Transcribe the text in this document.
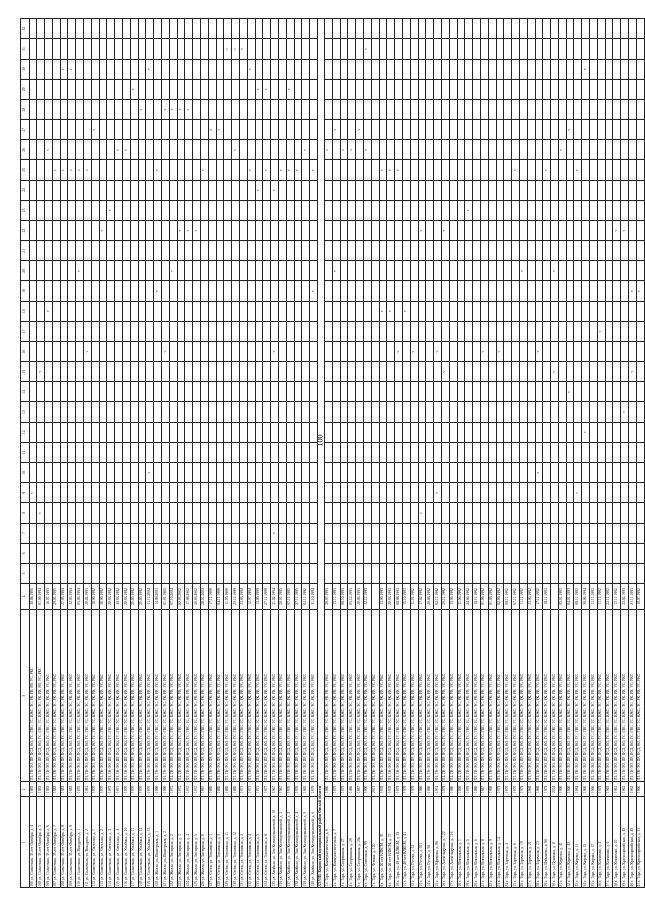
100
1	2	3	4	5	6	7	8	9	10	11	12	13	14	15	16	17	18	19	20	21	22	23	24	25	26	27	28	29	30	31	32
106 ул. Солнечная, 35 лет Октября, д. 4	1983	ТП, ТК-ЭО, ПР, ПСД, ВО, ГС, ГВС, ТС, КЖС, ЭС, РК, РВ, РВ, УС, РКС	30.08.1995					v																							
108 ул. Солнечная, 35 лет Октября, д. 5	1983	ТП, ТК-ЭО, ПР, ПСД, ВО, ГС, ГВС, ТС, КЖС, ЭС, РК, РВ, РВ, УС, РКС	01.09.1994				v							v																	
109 ул. Солнечная, 35 лет Октября, д. 6	1983	ТП, ТК-ЭО, ПР, ПСД, ВО, ГС, ГВС, ТС, КЖС, ЭС, РК, РВ, УС, РКС	16.07.1993														v								v						
107 ул. Солнечная, 35 лет Октября, д. 7	1983	ТП, ТК-ЭО, ПР, ПСД, ВО, ГС, ГВС, ТС, КЖС, ЭС, РК, РВ, УС, РКС	20.01.1995																					v							
108 ул. Солнечная, 35 лет Октября, д. 8	1983	ТП, ТК-ЭО, ПР, ПСД, ВО, ГС, ГВС, ТС, КЖС, ЭС, РК, РВ, УС, РКС	27.05.1994																					v					v		
109 ул. Солнечная, 35 лет Октября, д. 9	1983	ТП, ТК-ЭО, ПР, ПСД, ВО, ГС, ГВС, ТС, КЖС, ЭС, РК, РВ, УС, РКС	12.03.1994																					v					v		
110 ул. Солнечная, ул. Кондрата, д. 1	1970	ТП, ТК-ЭО, ПР, ПСД, ВО, ГС, ГВС, ТС, КЖС, ЭС, РК, РВ, УС, РКС	03.06.1994																v					v							
111 ул. Солнечная, ул. Кондрата, д. 2	1981	ТП, ТК-ЭО, ПР, ПСД, ВО, ГС, ГВС, ТС, КЖС, ЭС, РК, РВ, УС, РКС	20.02.1993												v									v							
112 ул. Солнечная, ул. Светлана, д. 1	1970	ТП, ТК-ЭО, ПР, ПСД, ВО, ГС, ГВС, ТС, КЖС, ЭС, РК, РВ, УС, РКС	10.06.1992																							v					
113 ул. Солнечная, ул. Светлана, д. 2	1970	ТП, ТК-ЭО, ПР, ПСД, ВО, ГС, ГВС, ТС, КЖС, ЭС, РК, РВ, УС, РКС	30.06.1992																		v										
114 ул. Солнечная, ул. Светлана, д. 3	1972	ТП, ТК-ЭО, ПР, ПСД, ВО, ГС, ГВС, ТС, КЖС, ЭС, РК, РВ, УС, РКС	20.03.1992																			v									
115 ул. Солнечная, ул. Светлана, д. 4	1971	ТП, ТК-ЭО, ПР, ПСД, ВО, ГС, ГВС, ТС, КЖС, ЭС, РК, РВ, УС, РКС	30.03.1992																						v						
116 ул. Солнечная, ул. Улыбина, д. 10	1976	ТП, ТК-ЭО, ПР, ПСД, ВО, ГС, ГВС, ТС, КЖС, ЭС, РК, РВ, УС, РКС	20.03.1992																						v						
117 ул. Солнечная, ул. Улыбина, д. 11	1976	ТП, ТК-ЭО, ПР, ПСД, ВО, ГС, ГВС, ТС, КЖС, ЭС, РК, РВ, УС, РКС	25.05.1992																									v			
118 ул. Солнечная, ул. Улыбина, д. 12	1976	ТП, ТК-ЭО, ПР, ПСД, ВО, ГС, ГВС, ТС, КЖС, ЭС, РК, РВ, УС, РКС	25.05.1992																								v				
119 ул. Солнечная, ул. Улыбина, д. 13	1976	ТП, ТК-ЭО, ПР, ПСД, ВО, ГС, ГВС, ТС, КЖС, ЭС, РК, РВ, УС, РКС	11.11.2004						v																				v		
120 ул. Жилая, ул. Пионерская, д. 1	1980	ТП, ТК-ЭО, ПР, ПСД, ВО, ГС, ГВС, ТС, КЖС, ЭС, РК, РВ, УС, РКС	14.08.2003															v						v							
121 ул. Жилая, ул. Пионерская, д. 2	1980	ТП, ТК-ЭО, ПР, ПСД, ВО, ГС, ГВС, ТС, КЖС, ЭС, РК, РВ, УС, РКС	01.01.1985												v												v				
122 ул. Жилая, ул. Заозерная, д. 2	1972	ТП, ТК-ЭО, ПР, ПСД, ВО, ГС, ГВС, ТС, КЖС, ЭС, РК, РВ, УС, РКС	07.10.2004																v								v				
123 ул. Жилая, ул. Заозерная, д. 3	1972	ТП, ТК-ЭО, ПР, ПСД, ВО, ГС, ГВС, ТС, КЖС, ЭС, РК, РВ, УС, РКС	02.03.2002																		v						v				
124 ул. Жилая, ул. Заозерная, д. 4	1972	ТП, ТК-ЭО, ПР, ПСД, ВО, ГС, ГВС, ТС, КЖС, ЭС, РК, РВ, УС, РКС	17.08.2002																		v						v				
125 ул. Жилая, ул. Заозерная, д. 5	1972	ТП, ТК-ЭО, ПР, ПСД, ВО, ГС, ГВС, ТС, КЖС, ЭС, РК, РВ, УС, РКС	20.03.2002																		v										
126 ул. Жилая, ул. Заозерная, д. 6	1981	ТП, ТК-ЭО, ПР, ПСД, ВО, ГС, ГВС, ТС, КЖС, ЭС, РК, РВ, УС, РКС	28.01.2004																					v							
127 ул. Степи, ул. Тополиная, д. 1	1980	ТП, ТК-ЭО, ПР, ПСД, ВО, ГС, ГВС, ТС, КЖС, ЭС, РК, РВ, УС, РКС	17.11.1999																							v					
128 ул. Степи, ул. Тополиная, д. 3	1980	ТП, ТК-ЭО, ПР, ПСД, ВО, ГС, ГВС, ТС, КЖС, ЭС, РК, РВ, УС, РКС	04.11.1999																							v					
129 ул. Степи, ул. Тополиная, д. 11	1980	ТП, ТК-ЭО, ПР, ПСД, ВО, ГС, ГВС, ТС, КЖС, ЭС, РК, РВ, УС, РКС	11.05.1999																											v	
130 ул. Степи, ул. Тополиная, д. 12	1980	ТП, ТК-ЭО, ПР, ПСД, ВО, ГС, ГВС, ТС, КЖС, ЭС, РК, РВ, УС, РКС	23.12.1999																						v					v	
131 ул. Степи, ул. Тополиная, д. 2	1971	ТП, ТК-ЭО, ПР, ПСД, ВО, ГС, ГВС, ТС, КЖС, ЭС, РК, РВ, УС, РКС	23.03.1994																											v	
132 ул. Степи, ул. Тополиная, д. 4	1971	ТП, ТК-ЭО, ПР, ПСД, ВО, ГС, ГВС, ТС, КЖС, ЭС, РК, РВ, УС, РКС	12.07.1994																					v					v		
133 ул. Степи, ул. Тополиная, д. 5	1971	ТП, ТК-ЭО, ПР, ПСД, ВО, ГС, ГВС, ТС, КЖС, ЭС, РК, РВ, УС, РКС	13.09.1999																				v					v			
134 ул. Степи, ул. Тополиная, д. 6	1977	ТП, ТК-ЭО, ПР, ПСД, ВО, ГС, ГВС, ТС, КЖС, ЭС, РК, РВ, УС, РКС	27.11.1999																					v				v			
135 ул. Хвойная, ул. Зои Космодемьянской, д. 10	1967	ТП, ТК-ЭО, ПР, ПСД, ВО, ГС, ГВС, ТС, КЖС, ЭС, РК, РВ, УС, РКС	21.02.1994			v									v								v								
136 ул. Хвойная, ул. Зои Космодемьянской, д. 1	1967	ТП, ТК-ЭО, ПР, ПСД, ВО, ГС, ГВС, ТС, КЖС, ЭС, РК, РВ, УС, РКС	20.01.1995																					v							
137 ул. Хвойная, ул. Зои Космодемьянской, д. 3	1976	ТП, ТК-ЭО, ПР, ПСД, ВО, ГС, ГВС, ТС, КЖС, ЭС, РК, РВ, УС, РКС	07.11.1995																					v				v			
138 ул. Хвойная, ул. Зои Космодемьянской, д. 4	1976	ТП, ТК-ЭО, ПР, ПСД, ВО, ГС, ГВС, ТС, КЖС, ЭС, РК, РВ, УС, РКС	27.11.1995																					v							
139 ул. Хвойная, ул. Зои Космодемьянской, д. 5	1965	ТП, ТК-ЭО, ПР, ПСД, ВО, ГС, ГВС, ТС, КЖС, ЭС, РК, РВ, УС, РКС	02.11.1992																						v						
140 ул. Хвойная, ул. Зои Космодемьянской, д. 6	1979	ТП, ТК-ЭО, ПР, ПСД, ВО, ГС, ГВС, ТС, КЖС, ЭС, РК, РВ, УС, РКС	31.10.1994															v						v							
XXVIII. Кировский муниципальный район Омской области																															
1 г. Тара, ул. Коммунистическая, д. 6	1980	ТП, ТК-ЭО, ПР, ПСД, ВО, ГС, ГВС, ТС, КЖС, ЭС, РК, РВ, УС, РКС	26.07.1993																						v						
2 г. Тара, ул. Коммунистическая, д. 7	1975	ТП, ТК-ЭО, ПР, ПСД, ВО, ГС, ГВС, ТС, КЖС, ЭС, РК, РВ, УС, РКС	13.11.1993																v							v					
3 г. Тара, ул. Спортивная, д. 27	1975	ТП, ТК-ЭО, ПР, ПСД, ВО, ГС, ГВС, ТС, КЖС, ЭС, РК, РВ, УС, РКС	08.10.1993																						v						
4 г. Тара, ул. Спортивная, д. 29	1986	ТП, ТК-ЭО, ПР, ПСД, ВО, ГС, ГВС, ТС, КЖС, ЭС, РК, РВ, УС, РКС	03.12.1993																						v						
5 г. Тара, ул. Спортивная, д. 29а	1987	ТП, ТК-ЭО, ПР, ПСД, ВО, ГС, ГВС, ТС, КЖС, ЭС, РК, РВ, УС, РКС	20.06.1993																							v					
6 г. Тара, ул. Советская, д. 99	1990	ТП, ТК-ЭО, ПР, ПСД, ВО, ГС, ГВС, ТС, КЖС, ЭС, РК, РВ, УС, РКС	12.12.1993																						v					v	
7 г. Тара, ул. Ленина, д. 120	2013	ТП, ТК-ЭО, ПР, ПСД, ВО, ГС, ГВС, ТС, КЖС, ЭС, РК, РВ, УС, РКС																													
8 г. Тара, ул. 40 лет ВЛКСМ, д. 35	1978	ТП, ТК-ЭО, ПР, ПСД, ВО, ГС, ГВС, ТС, КЖС, ЭС, РК, РВ, УС, РКС	13.06.1993														v							v							
9 г. Тара, ул. 40 лет ВЛКСМ, д. 37	1978	ТП, ТК-ЭО, ПР, ПСД, ВО, ГС, ГВС, ТС, КЖС, ЭС, РК, РВ, УС, РКС	20.03.1993														v							v							
10 г. Тара, ул. 40 лет ВЛКСМ, д. 39	1979	ТП, ТК-ЭО, ПР, ПСД, ВО, ГС, ГВС, ТС, КЖС, ЭС, РК, РВ, УС, РКС	08.08.1993												v									v							
11 г. Тара, ул. 40 лет ВЛКСМ, д. 41	1979	ТП, ТК-ЭО, ПР, ПСД, ВО, ГС, ГВС, ТС, КЖС, ЭС, РК, РВ, УС, РКС	15.10.1993														v														
12 г. Тара, ул. Гусева, д. 12	1979	ТП, ТК-ЭО, ПР, ПСД, ВО, ГС, ГВС, ТС, КЖС, ЭС, РК, РВ, УС, РКС	11.01.1992												v																
13 г. Тара, ул. Гусева, д. 101	1986	ТП, ТК-ЭО, ПР, ПСД, ВО, ГС, ГВС, ТС, КЖС, ЭС, РК, РВ, УС, РКС	17.02.1992				v														v										
14 г. Тара, ул. Гусева, д. 56	1986	ТП, ТК-ЭО, ПР, ПСД, ВО, ГС, ГВС, ТС, КЖС, ЭС, РК, РВ, УС, РКС	20.08.1992																												
15 г. Тара, ул. Ефимова, д. 9б	1974	ТП, ТК-ЭО, ПР, ПСД, ВО, ГС, ГВС, ТС, КЖС, ЭС, РК, РВ, УС, РКС	02.11.1992					v							v																
16 г. Тара, ул. Александрова, д. 122	1979	ТП, ТК-ЭО, ПР, ПСД, ВО, ГС, ГВС, ТС, КЖС, ЭС, РК, РВ, УС, РКС	20.11.1992											v							v										
17 г. Тара, ул. Александрова, д. 116	1986	ТП, ТК-ЭО, ПР, ПСД, ВО, ГС, ГВС, ТС, КЖС, ЭС, РК, РВ, УС, РКС	15.06.1992																												
18 г. Тара, ул. Вокзальная, д. 1	1990	ТП, ТК-ЭО, ПР, ПСД, ВО, ГС, ГВС, ТС, КЖС, ЭС, РК, РВ, УС, РКС	11.06.1992																												
19 г. Тара, ул. Вокзальная, д. 5	1976	ТП, ТК-ЭО, ПР, ПСД, ВО, ГС, ГВС, ТС, КЖС, ЭС, РК, РВ, УС, РКС	24.06.1992																			v									
20 г. Тара, ул. Вокзальная, д. 6	1980	ТП, ТК-ЭО, ПР, ПСД, ВО, ГС, ГВС, ТС, КЖС, ЭС, РК, РВ, УС, РКС	18.11.1992																												
21 г. Тара, ул. Вокзальная, д. 8	1987	ТП, ТК-ЭО, ПР, ПСД, ВО, ГС, ГВС, ТС, КЖС, ЭС, РК, РВ, УС, РКС	01.09.1992												v																
22 г. Тара, ул. Вокзальная, д. 9	1988	ТП, ТК-ЭО, ПР, ПСД, ВО, ГС, ГВС, ТС, КЖС, ЭС, РК, РВ, УС, РКС	01.08.1992																												
23 г. Тара, ул. Вокзальная, д. 14	1979	ТП, ТК-ЭО, ПР, ПСД, ВО, ГС, ГВС, ТС, КЖС, ЭС, РК, РВ, УС, РКС	02.09.1992												v																
24 г. Тара, ул. Заречная, д. 4	1970	ТП, ТК-ЭО, ПР, ПСД, ВО, ГС, ГВС, ТС, КЖС, ЭС, РК, РВ, УС, РКС	08.11.1992																												
25 г. Тара, ул. Заречная, д. 6	1970	ТП, ТК-ЭО, ПР, ПСД, ВО, ГС, ГВС, ТС, КЖС, ЭС, РК, РВ, УС, РКС	07.11.1992																					v							
26 г. Тара, ул. Заречная, д. 19	1979	ТП, ТК-ЭО, ПР, ПСД, ВО, ГС, ГВС, ТС, КЖС, ЭС, РК, РВ, УС, РКС	11.11.1992																v												
27 г. Тара, ул. Заречная, д. 21	1968	ТП, ТК-ЭО, ПР, ПСД, ВО, ГС, ГВС, ТС, КЖС, ЭС, РК, РВ, УС, РКС	23.06.1992																												
28 г. Тара, ул. Заречная, д. 23	1968	ТП, ТК-ЭО, ПР, ПСД, ВО, ГС, ГВС, ТС, КЖС, ЭС, РК, РВ, УС, РКС	17.11.1992						v						v																
29 г. Тара, ул. Избышева, д. 9б	1979	ТП, ТК-ЭО, ПР, ПСД, ВО, ГС, ГВС, ТС, КЖС, ЭС, РК, РВ, УС, РКС	18.11.1993																					v							
30 г. Тара, ул. Пушкина, д. 8	2014	ТП, ТК-ЭО, ПР, ПСД, ВО, ГС, ГВС, ТС, КЖС, ЭС, РК, РВ, УС, РКС												v					v												
31 г. Тара, ул. Карпова, д. 41	1990	ТП, ТК-ЭО, ПР, ПСД, ВО, ГС, ГВС, ТС, КЖС, ЭС, РК, РВ, УС, РКС	05.01.1993																						v						
32 г. Тара, ул. Карпова, д. 43	1990	ТП, ТК-ЭО, ПР, ПСД, ВО, ГС, ГВС, ТС, КЖС, ЭС, РК, РВ, УС, РКС	04.01.1993										v													v					
33 г. Тара, ул. Кирова, д. 11	1984	ТП, ТК-ЭО, ПР, ПСД, ВО, ГС, ГВС, ТС, КЖС, ЭС, РК, РВ, УС, РКС	08.11.1993					v																v							
34 г. Тара, ул. Кирова, д. 15	1966	ТП, ТК-ЭО, ПР, ПСД, ВО, ГС, ГВС, ТС, КЖС, ЭС, РК, РВ, УС, РКС	30.06.1994								v																		v		
35 г. Тара, ул. Кирова, д. 17	1966	ТП, ТК-ЭО, ПР, ПСД, ВО, ГС, ГВС, ТС, КЖС, ЭС, РК, РВ, УС, РКС	11.11.1993																												
36 г. Тара, ул. Клименко, д. 4	1979	ТП, ТК-ЭО, ПР, ПСД, ВО, ГС, ГВС, ТС, КЖС, ЭС, РК, РВ, УС, РКС	11.11.1992													v															
37 г. Тара, ул. Клименко, д. 6	1963	ТП, ТК-ЭО, ПР, ПСД, ВО, ГС, ГВС, ТС, КЖС, ЭС, РК, РВ, УС, РКС	22.11.1992																												
38 г. Тара, ул. Клименко, д. 10	1961	ТП, ТК-ЭО, ПР, ПСД, ВО, ГС, ГВС, ТС, КЖС, ЭС, РК, РВ, УС, РКС	17.11.1992																		v										
39 г. Тара, ул. Красноармейская, д. 45	1962	ТП, ТК-ЭО, ПР, ПСД, ВО, ГС, ГВС, ТС, КЖС, ЭС, РК, РВ, УС, РКС	23.02.1993									v									v										
40 г. Тара, ул. Красноармейская, д. 43	1962	ТП, ТК-ЭО, ПР, ПСД, ВО, ГС, ГВС, ТС, КЖС, ЭС, РК, РВ, УС, РКС	21.11.1993											v				v													
41 г. Тара, ул. Красноармейская, д. 31	1966	ТП, ТК-ЭО, ПР, ПСД, ВО, ГС, ГВС, ТС, КЖС, ЭС, РК, РВ, УС, РКС	10.07.1992															v													
